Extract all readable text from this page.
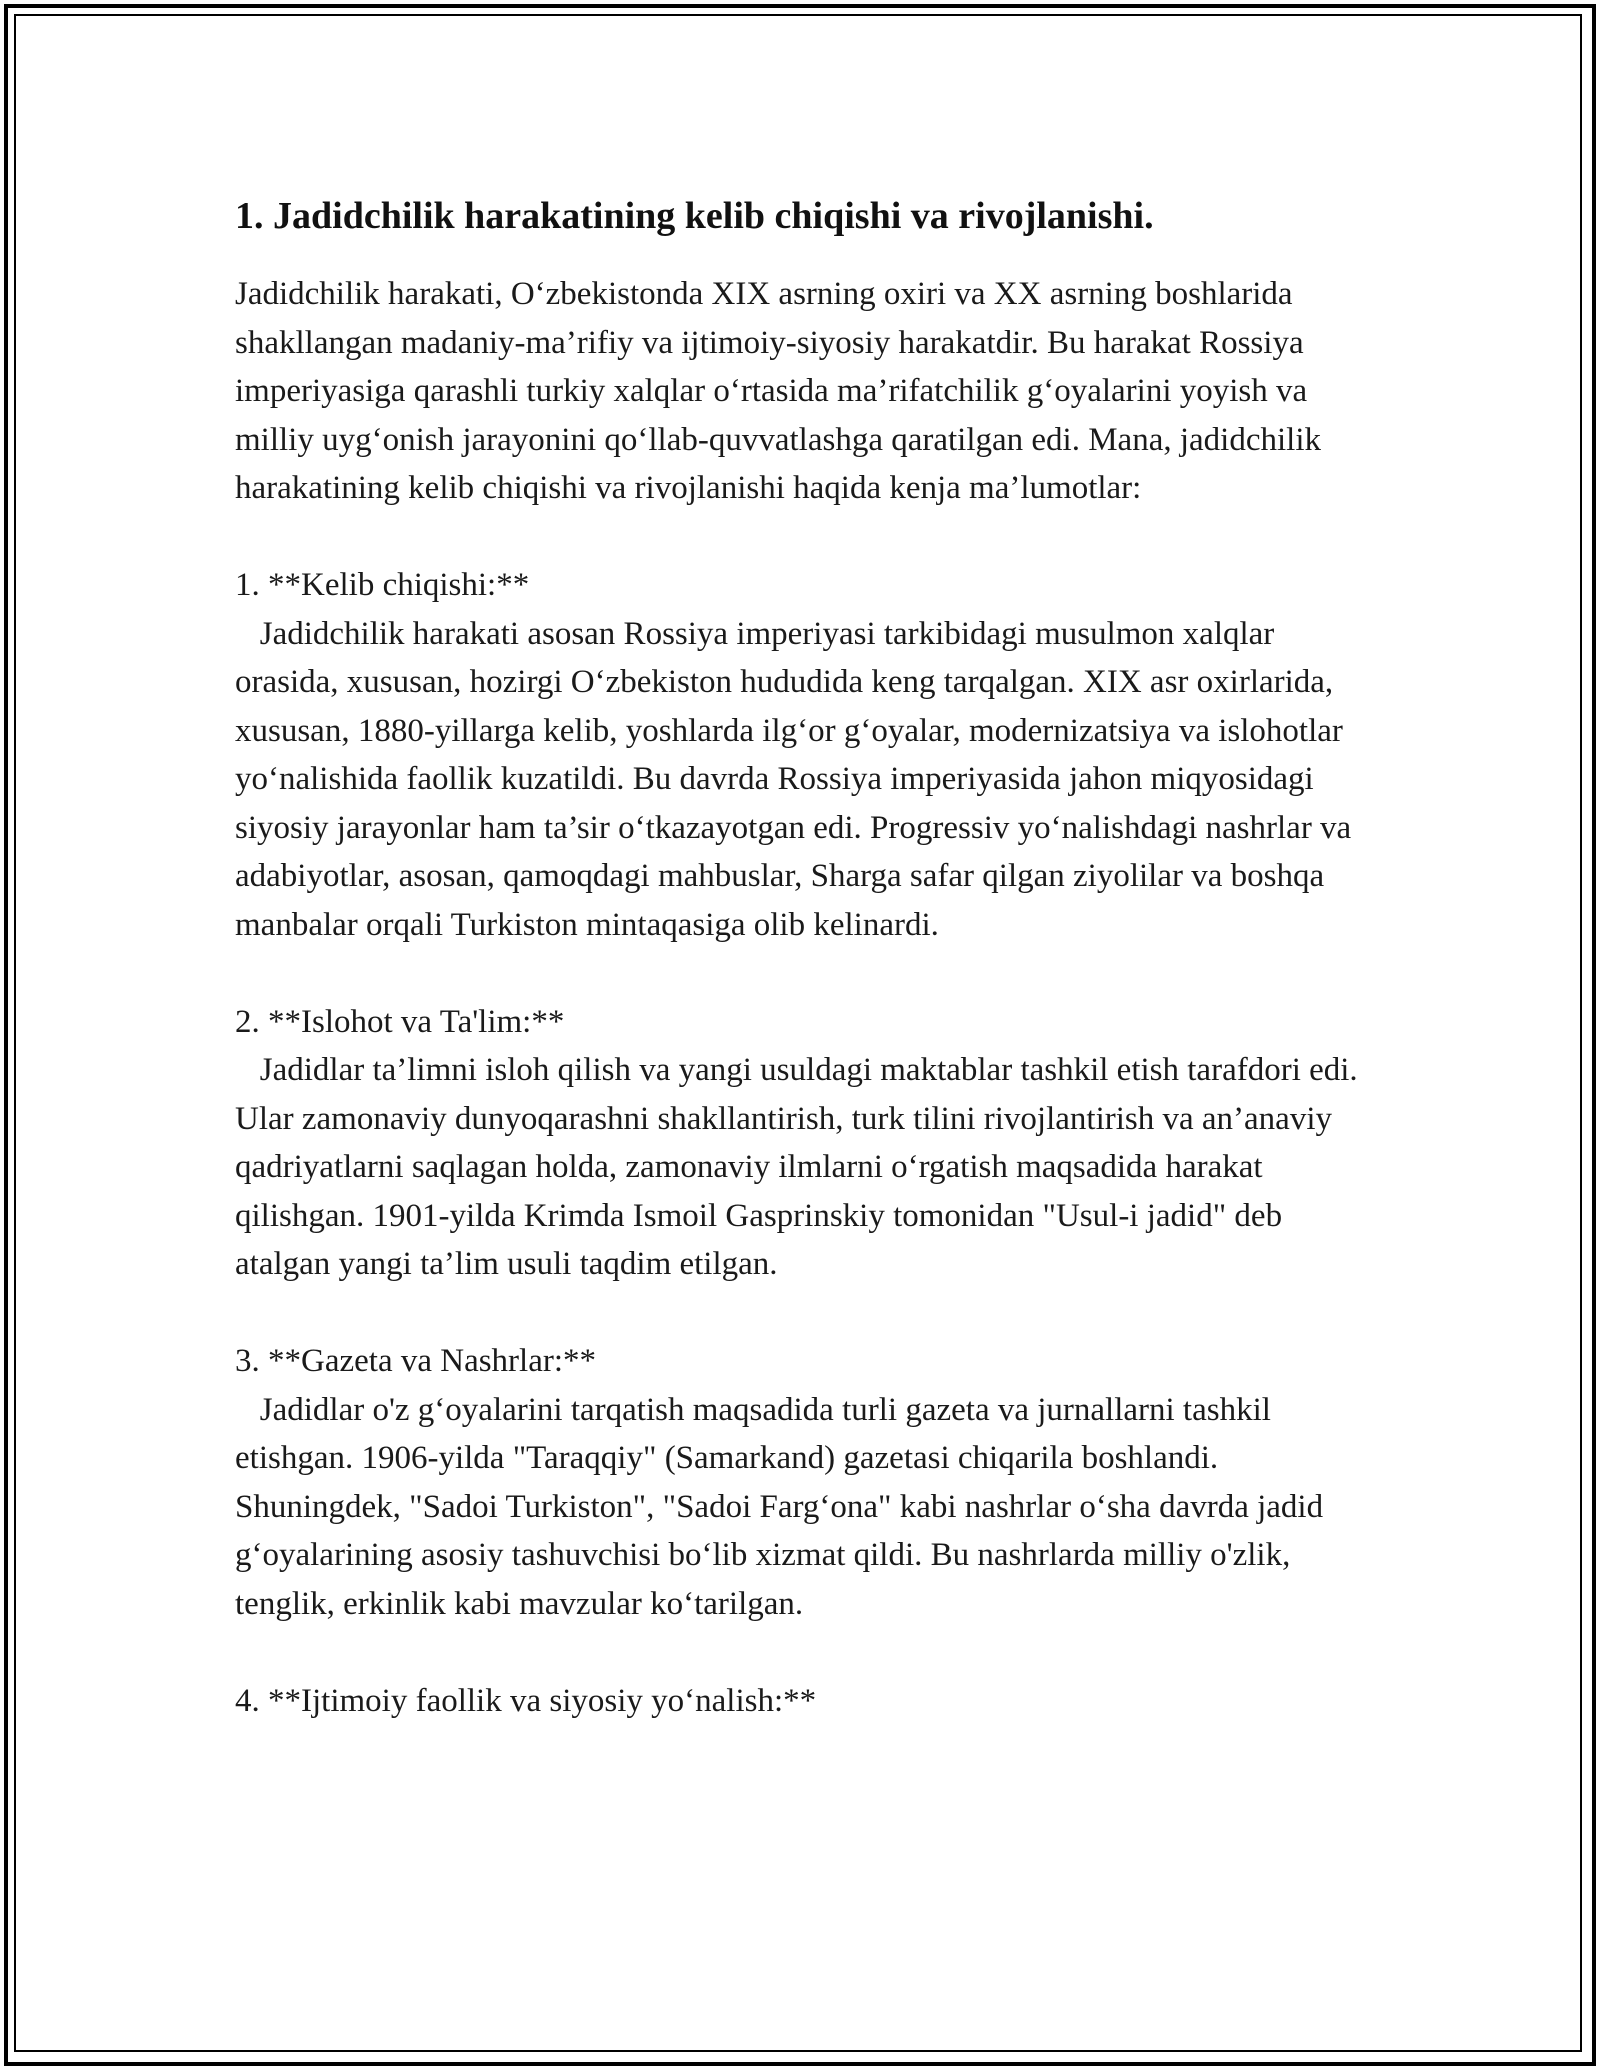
1. Jadidchilik harakatining kelib chiqishi va rivojlanishi.

Jadidchilik harakati, O‘zbekistonda XIX asrning oxiri va XX asrning boshlarida shakllangan madaniy-ma’rifiy va ijtimoiy-siyosiy harakatdir. Bu harakat Rossiya imperiyasiga qarashli turkiy xalqlar o‘rtasida ma’rifatchilik g‘oyalarini yoyish va milliy uyg‘onish jarayonini qo‘llab-quvvatlashga qaratilgan edi. Mana, jadidchilik harakatining kelib chiqishi va rivojlanishi haqida kenja ma’lumotlar:

1. **Kelib chiqishi:**

Jadidchilik harakati asosan Rossiya imperiyasi tarkibidagi musulmon xalqlar orasida, xususan, hozirgi O‘zbekiston hududida keng tarqalgan. XIX asr oxirlarida, xususan, 1880-yillarga kelib, yoshlarda ilg‘or g‘oyalar, modernizatsiya va islohotlar yo‘nalishida faollik kuzatildi. Bu davrda Rossiya imperiyasida jahon miqyosidagi siyosiy jarayonlar ham ta’sir o‘tkazayotgan edi. Progressiv yo‘nalishdagi nashrlar va adabiyotlar, asosan, qamoqdagi mahbuslar, Sharga safar qilgan ziyolilar va boshqa manbalar orqali Turkiston mintaqasiga olib kelinardi.

2. **Islohot va Ta'lim:**

Jadidlar ta’limni isloh qilish va yangi usuldagi maktablar tashkil etish tarafdori edi. Ular zamonaviy dunyoqarashni shakllantirish, turk tilini rivojlantirish va an’anaviy qadriyatlarni saqlagan holda, zamonaviy ilmlarni o‘rgatish maqsadida harakat qilishgan. 1901-yilda Krimda Ismoil Gasprinskiy tomonidan "Usul-i jadid" deb atalgan yangi ta’lim usuli taqdim etilgan.

3. **Gazeta va Nashrlar:**

Jadidlar o'z g‘oyalarini tarqatish maqsadida turli gazeta va jurnallarni tashkil etishgan. 1906-yilda "Taraqqiy" (Samarkand) gazetasi chiqarila boshlandi. Shuningdek, "Sadoi Turkiston", "Sadoi Farg‘ona" kabi nashrlar o‘sha davrda jadid g‘oyalarining asosiy tashuvchisi bo‘lib xizmat qildi. Bu nashrlarda milliy o'zlik, tenglik, erkinlik kabi mavzular ko‘tarilgan.

4. **Ijtimoiy faollik va siyosiy yo‘nalish:**
